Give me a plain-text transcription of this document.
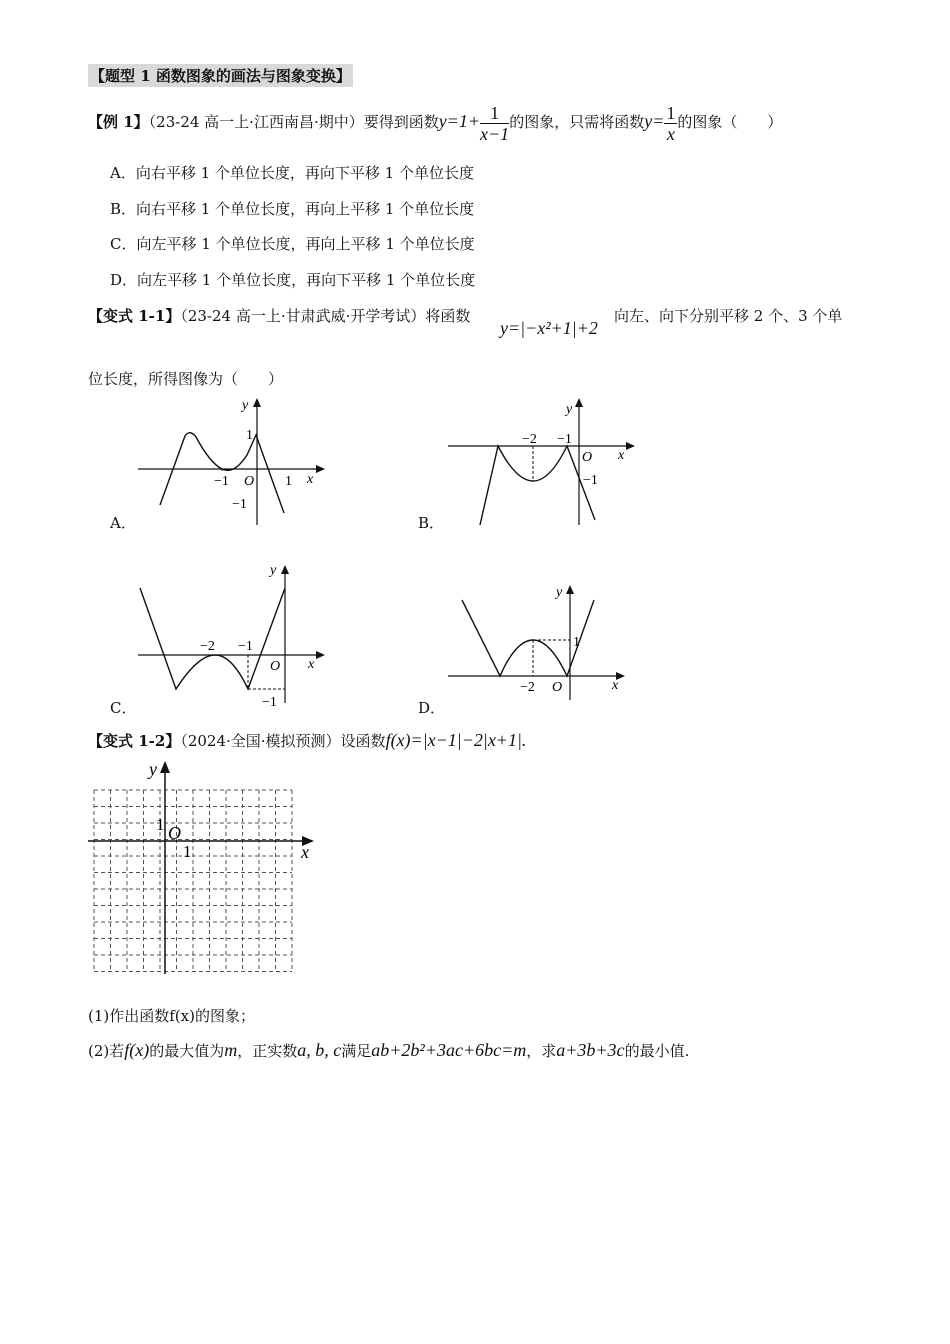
【题型 1 函数图象的画法与图象变换】
【例 1】（23-24 高一上·江西南昌·期中）要得到函数$y=1+ \frac{1}{x-1}$ 的图象，只需将函数$y= \frac{1}{x}$ 的图象（　　）
A．向右平移 1 个单位长度，再向下平移 1 个单位长度
B．向右平移 1 个单位长度，再向上平移 1 个单位长度
C．向左平移 1 个单位长度，再向上平移 1 个单位长度
D．向左平移 1 个单位长度，再向下平移 1 个单位长度
【变式 1-1】（23-24 高一上·甘肃武威·开学考试）将函数
y=|−x²+1|+2
向左、向下分别平移 2 个、3 个单
位长度，所得图像为（　　）
y
x
O
1
−1	1
−1
A．
y
x
O
−2 −1
−1
B．
y
x
O
−2 −1
−1
C．
y
x
O
−2
1
D．
【变式 1-2】（2024·全国·模拟预测）设函数f(x)=|x−1|−2|x+1|.
y
x
O
1
1
(1)作出函数f(x)的图象；
(2)若f(x)的最大值为m，正实数a, b, c满足ab+2b²+3ac+6bc=m，求a+3b+3c的最小值.
